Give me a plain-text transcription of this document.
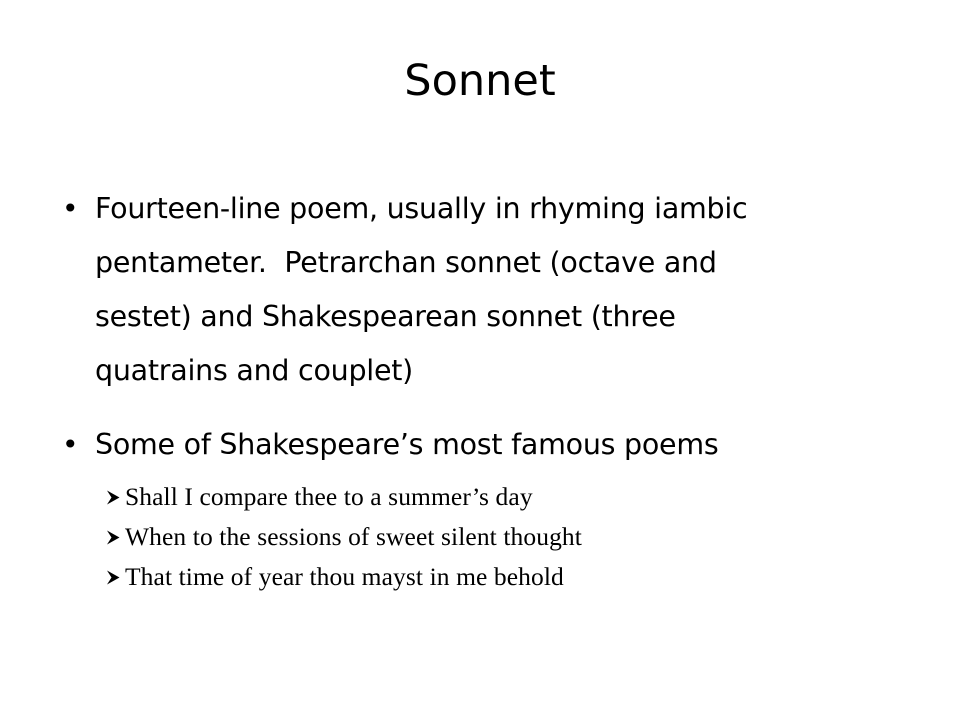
Sonnet
• Fourteen-line poem, usually in rhyming iambic
pentameter.  Petrarchan sonnet (octave and
sestet) and Shakespearean sonnet (three
quatrains and couplet)
• Some of Shakespeare’s most famous poems
Shall I compare thee to a summer’s day
When to the sessions of sweet silent thought
That time of year thou mayst in me behold
